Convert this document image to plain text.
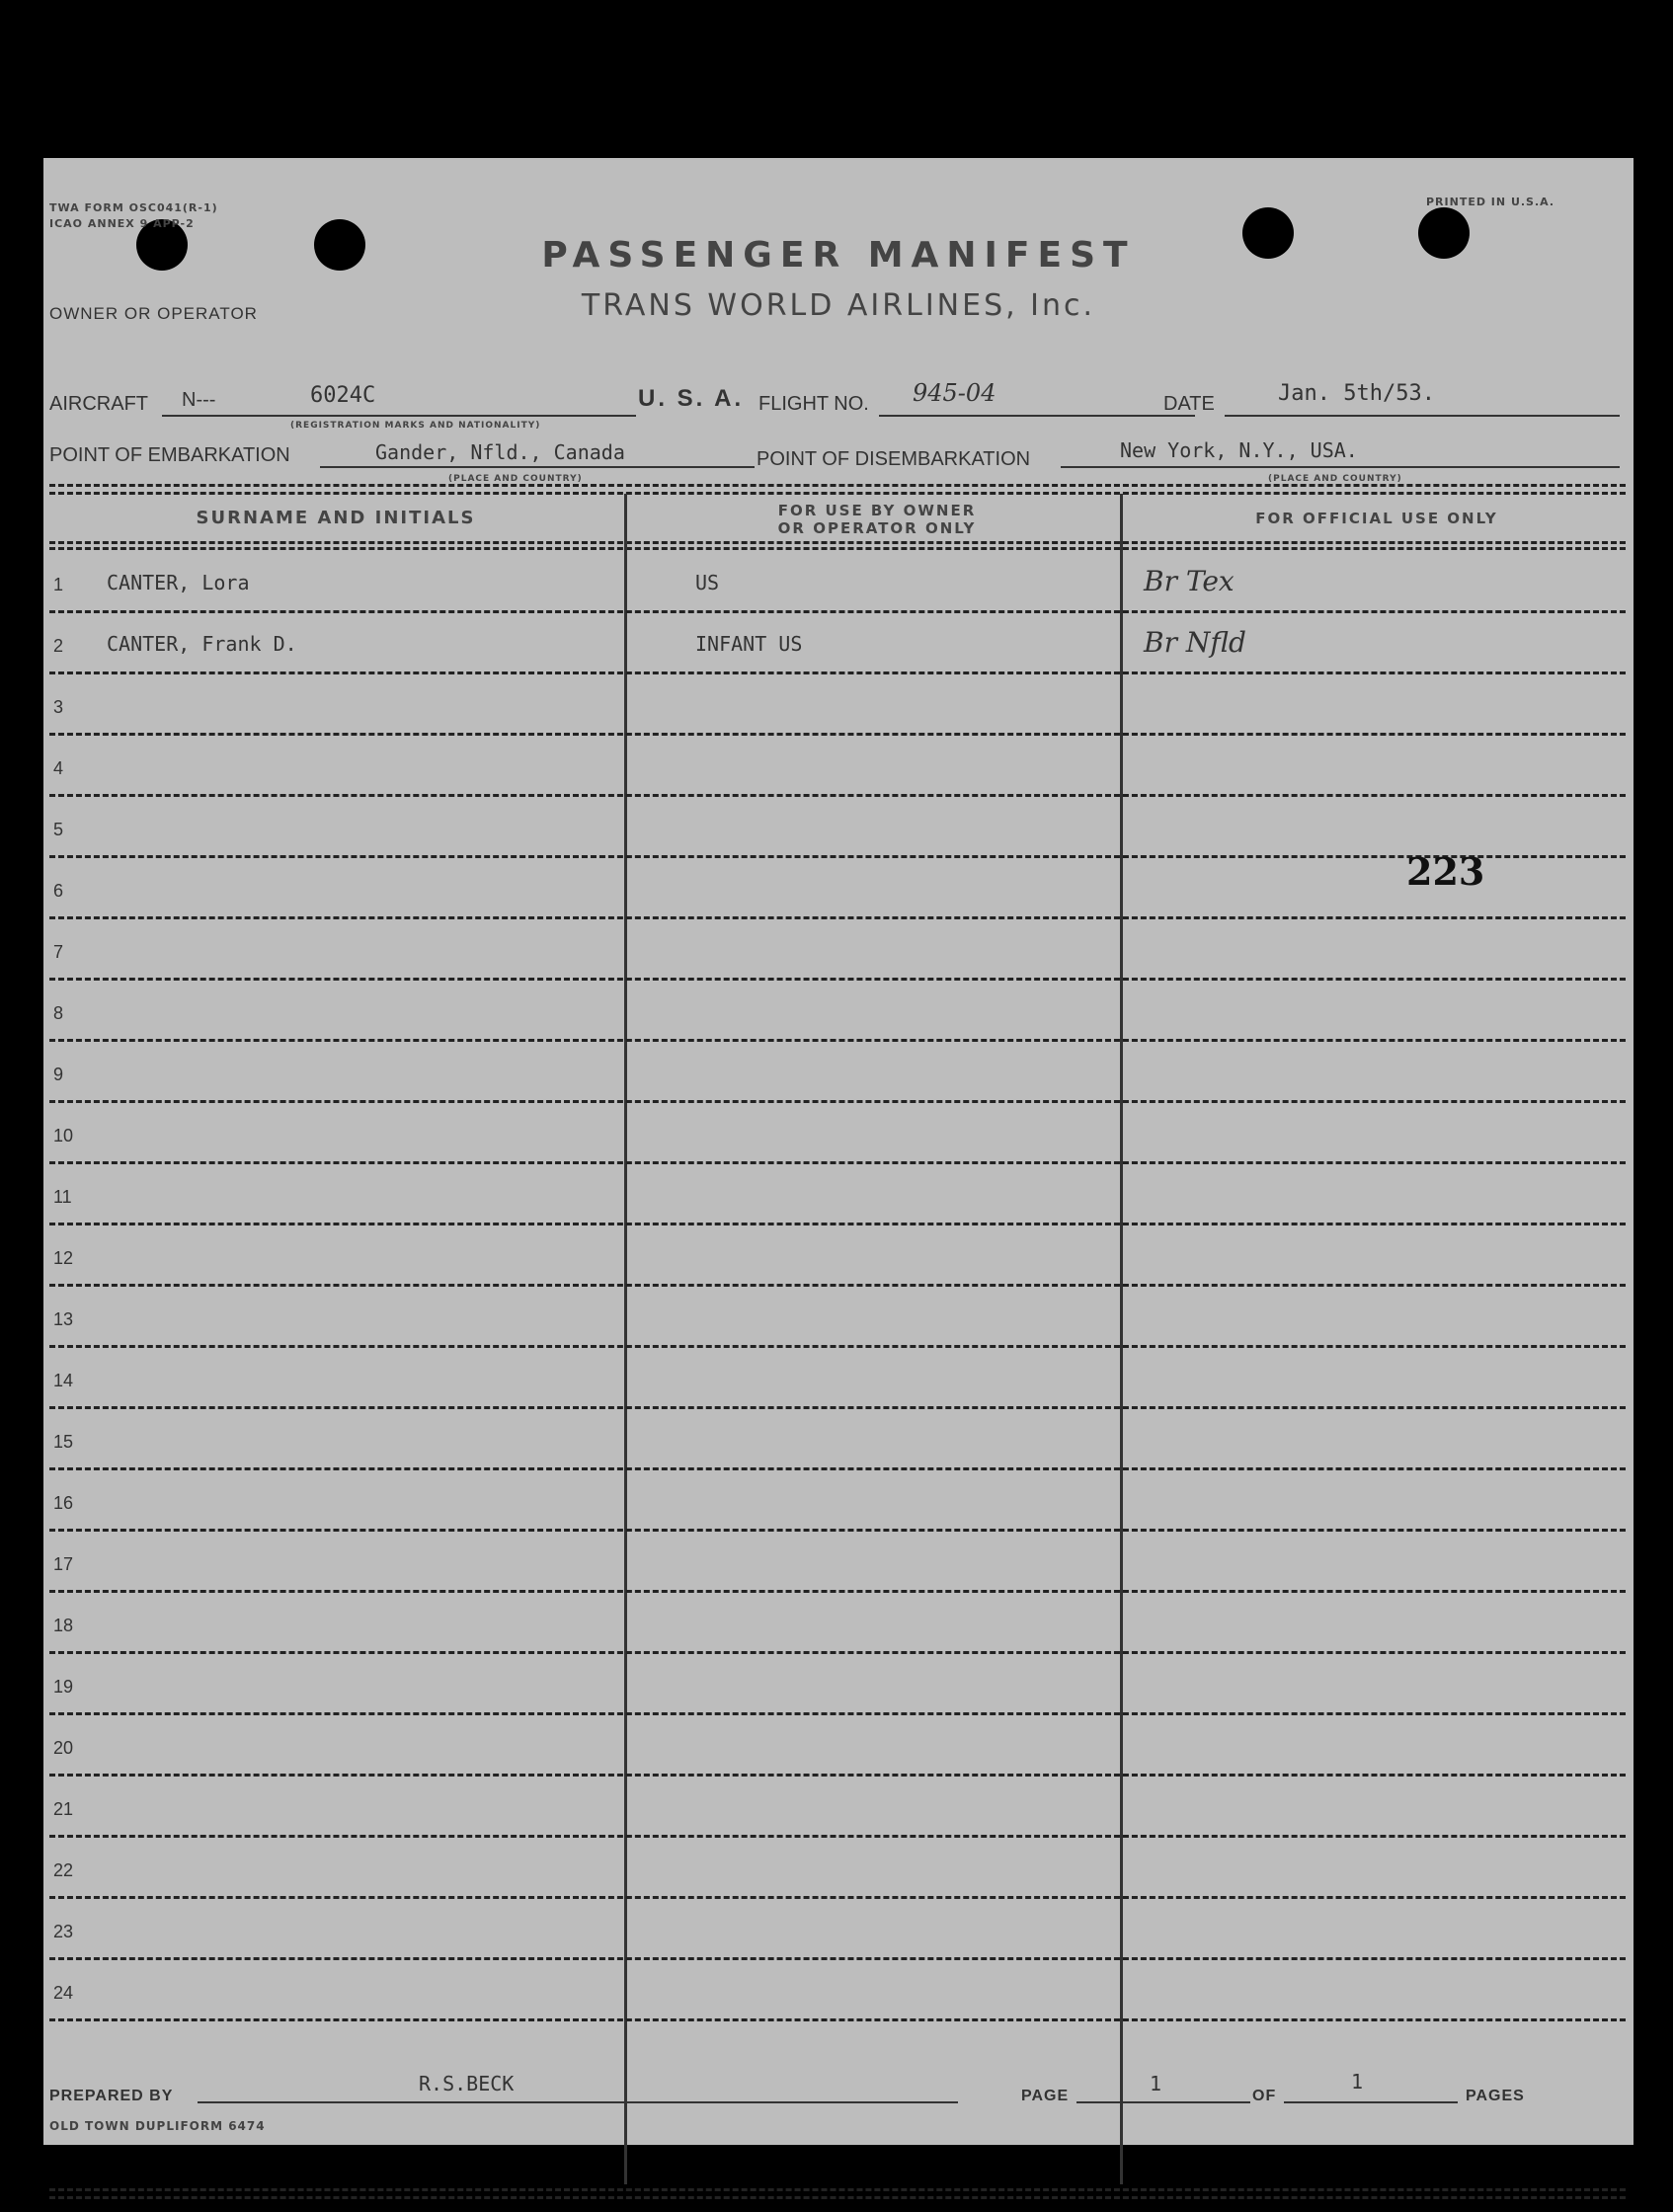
TWA FORM OSC041(R-1)
ICAO ANNEX 9 APP-2
PRINTED IN U.S.A.
PASSENGER MANIFEST
TRANS WORLD AIRLINES, Inc.
OWNER OR OPERATOR
AIRCRAFT N---	6024C
(REGISTRATION MARKS AND NATIONALITY)
U. S. A. FLIGHT NO. 945-04	DATE	Jan. 5th/53.
POINT OF EMBARKATION	Gander, Nfld., Canada
(PLACE AND COUNTRY)
POINT OF DISEMBARKATION	New York, N.Y., USA.
(PLACE AND COUNTRY)
SURNAME AND INITIALS	FOR USE BY OWNER
OR OPERATOR ONLY
FOR OFFICIAL USE ONLY
1 CANTER, Lora	US	Br Tex
2 CANTER, Frank D.	INFANT US	Br Nfld
3
4
5
6
7
8
9
10
11
12
13
14
15
16
17
18
19
20
21
22
23
24
223
PREPARED BY
R.S.BECK
PAGE
1
OF
1
PAGES
OLD TOWN DUPLIFORM 6474
